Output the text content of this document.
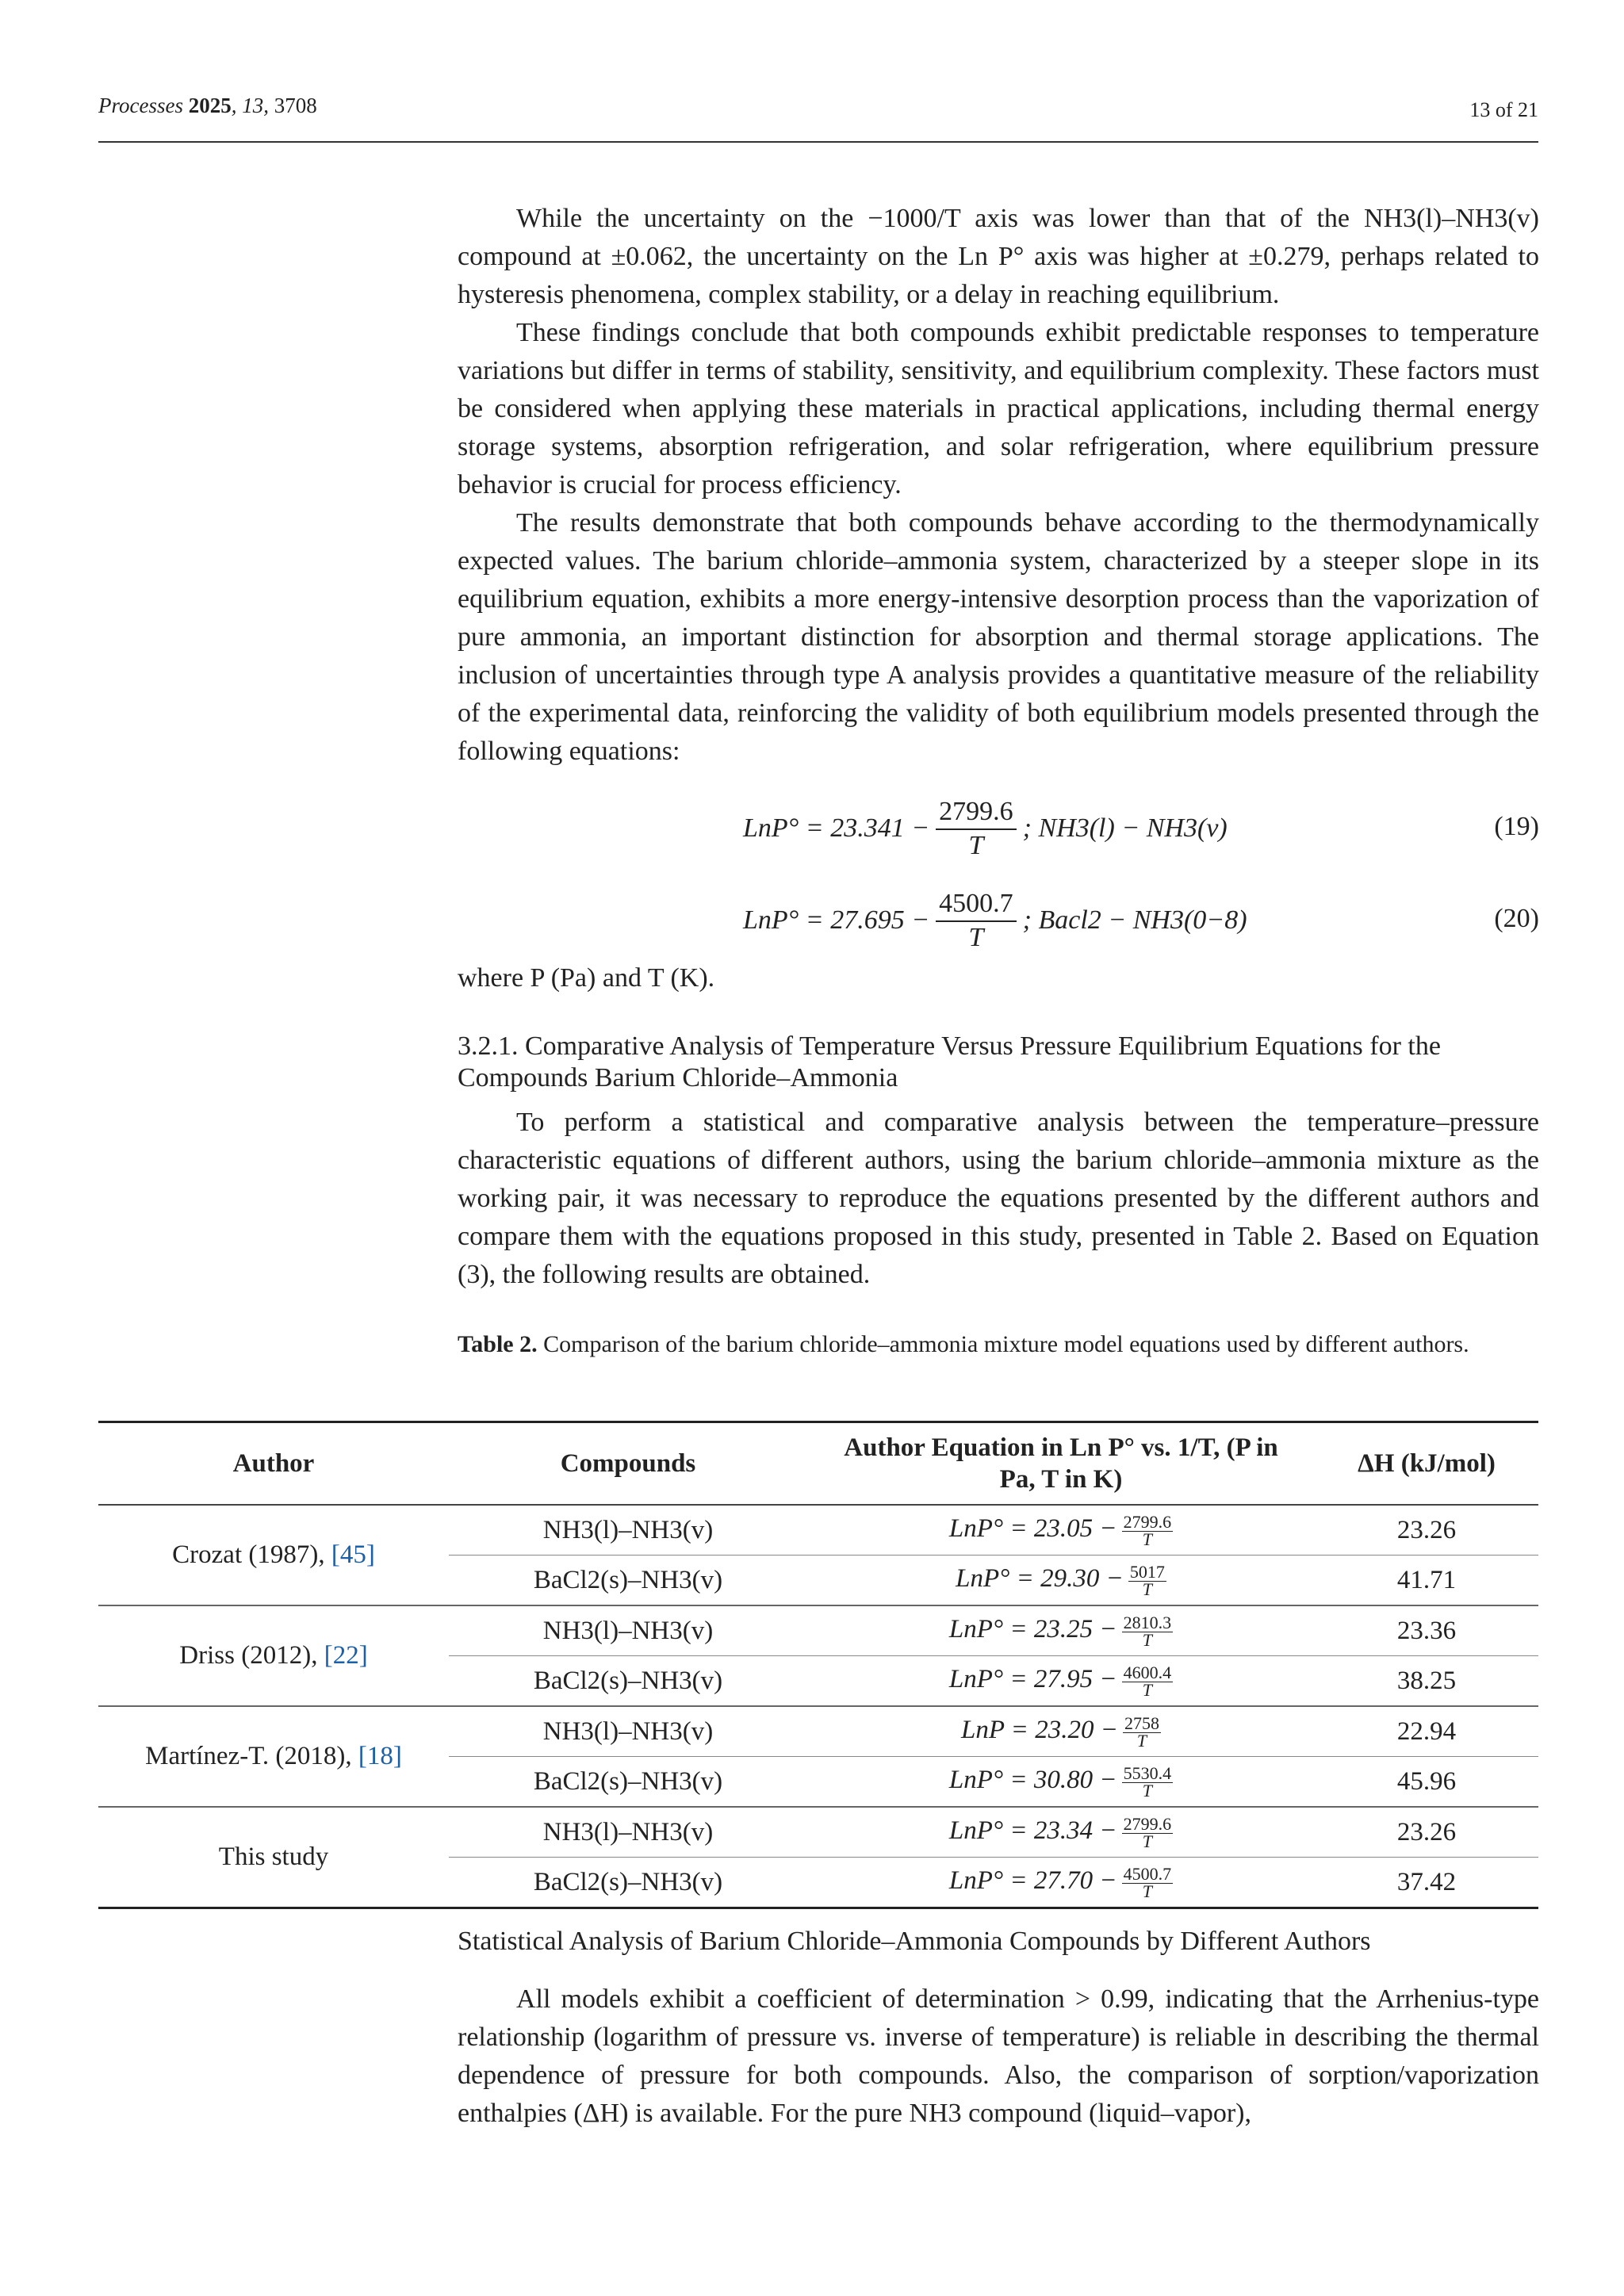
Processes 2025, 13, 3708	13 of 21

While the uncertainty on the −1000/T axis was lower than that of the NH3(l)–NH3(v) compound at ±0.062, the uncertainty on the Ln P° axis was higher at ±0.279, perhaps related to hysteresis phenomena, complex stability, or a delay in reaching equilibrium.

These findings conclude that both compounds exhibit predictable responses to temperature variations but differ in terms of stability, sensitivity, and equilibrium complexity. These factors must be considered when applying these materials in practical applications, including thermal energy storage systems, absorption refrigeration, and solar refrigeration, where equilibrium pressure behavior is crucial for process efficiency.

The results demonstrate that both compounds behave according to the thermodynamically expected values. The barium chloride–ammonia system, characterized by a steeper slope in its equilibrium equation, exhibits a more energy-intensive desorption process than the vaporization of pure ammonia, an important distinction for absorption and thermal storage applications. The inclusion of uncertainties through type A analysis provides a quantitative measure of the reliability of the experimental data, reinforcing the validity of both equilibrium models presented through the following equations:

$LnP^\circ = 23.341 - \frac{2799.6}{T}$ ; NH3(l) − NH3(v)	(19)
$LnP^\circ = 27.695 - \frac{4500.7}{T}$ ; Bacl2 − NH3(0−8)	(20)
where P (Pa) and T (K).
3.2.1. Comparative Analysis of Temperature Versus Pressure Equilibrium Equations for the Compounds Barium Chloride–Ammonia

To perform a statistical and comparative analysis between the temperature–pressure characteristic equations of different authors, using the barium chloride–ammonia mixture as the working pair, it was necessary to reproduce the equations presented by the different authors and compare them with the equations proposed in this study, presented in Table 2. Based on Equation (3), the following results are obtained.

Table 2. Comparison of the barium chloride–ammonia mixture model equations used by different authors.
Author	Compounds	Author Equation in Ln P° vs. 1/T, (P in Pa, T in K)	ΔH (kJ/mol)
Crozat (1987), [45]	NH3(l)–NH3(v)	$LnP^\circ = 23.05 - \frac{2799.6}{T}$	23.26
	BaCl2(s)–NH3(v)	$LnP^\circ = 29.30 - \frac{5017}{T}$	41.71
Driss (2012), [22]	NH3(l)–NH3(v)	$LnP^\circ = 23.25 - \frac{2810.3}{T}$	23.36
	BaCl2(s)–NH3(v)	$LnP^\circ = 27.95 - \frac{4600.4}{T}$	38.25
Martínez-T. (2018), [18]	NH3(l)–NH3(v)	LnP = $23.20 - \frac{2758}{T}$	22.94
	BaCl2(s)–NH3(v)	$LnP^\circ = 30.80 - \frac{5530.4}{T}$	45.96
This study	NH3(l)–NH3(v)	$LnP^\circ = 23.34 - \frac{2799.6}{T}$	23.26
	BaCl2(s)–NH3(v)	$LnP^\circ = 27.70 - \frac{4500.7}{T}$	37.42
Statistical Analysis of Barium Chloride–Ammonia Compounds by Different Authors

All models exhibit a coefficient of determination > 0.99, indicating that the Arrhenius-type relationship (logarithm of pressure vs. inverse of temperature) is reliable in describing the thermal dependence of pressure for both compounds. Also, the comparison of sorption/vaporization enthalpies (ΔH) is available. For the pure NH3 compound (liquid–vapor),
